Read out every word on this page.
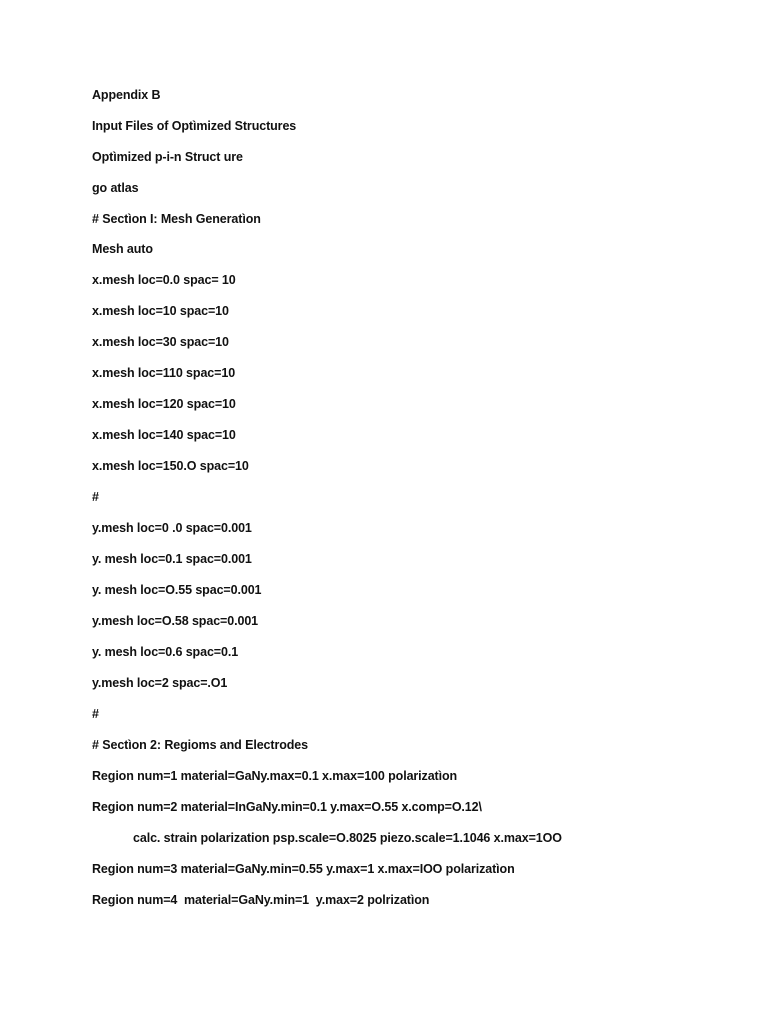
Appendix B
Input Files of Optìmized Structures
Optìmized p-i-n Struct ure
go atlas
# Sectìon I: Mesh Generatìon
Mesh auto
x.mesh loc=0.0 spac= 10
x.mesh loc=10 spac=10
x.mesh loc=30 spac=10
x.mesh loc=110 spac=10
x.mesh loc=120 spac=10
x.mesh loc=140 spac=10
x.mesh loc=150.O spac=10
#
y.mesh loc=0 .0 spac=0.001
y. mesh loc=0.1 spac=0.001
y. mesh loc=O.55 spac=0.001
y.mesh loc=O.58 spac=0.001
y. mesh loc=0.6 spac=0.1
y.mesh loc=2 spac=.O1
#
# Sectìon 2: Regioms and Electrodes
Region num=1 material=GaNy.max=0.1 x.max=100 polarizatìon
Region num=2 material=InGaNy.min=0.1 y.max=O.55 x.comp=O.12\
calc. strain polarization psp.scaIe=O.8025 piezo.scale=1.1046 x.max=1OO
Region num=3 material=GaNy.min=0.55 y.max=1 x.max=IOO polarizatìon
Region num=4  material=GaNy.min=1  y.max=2 polrizatìon
